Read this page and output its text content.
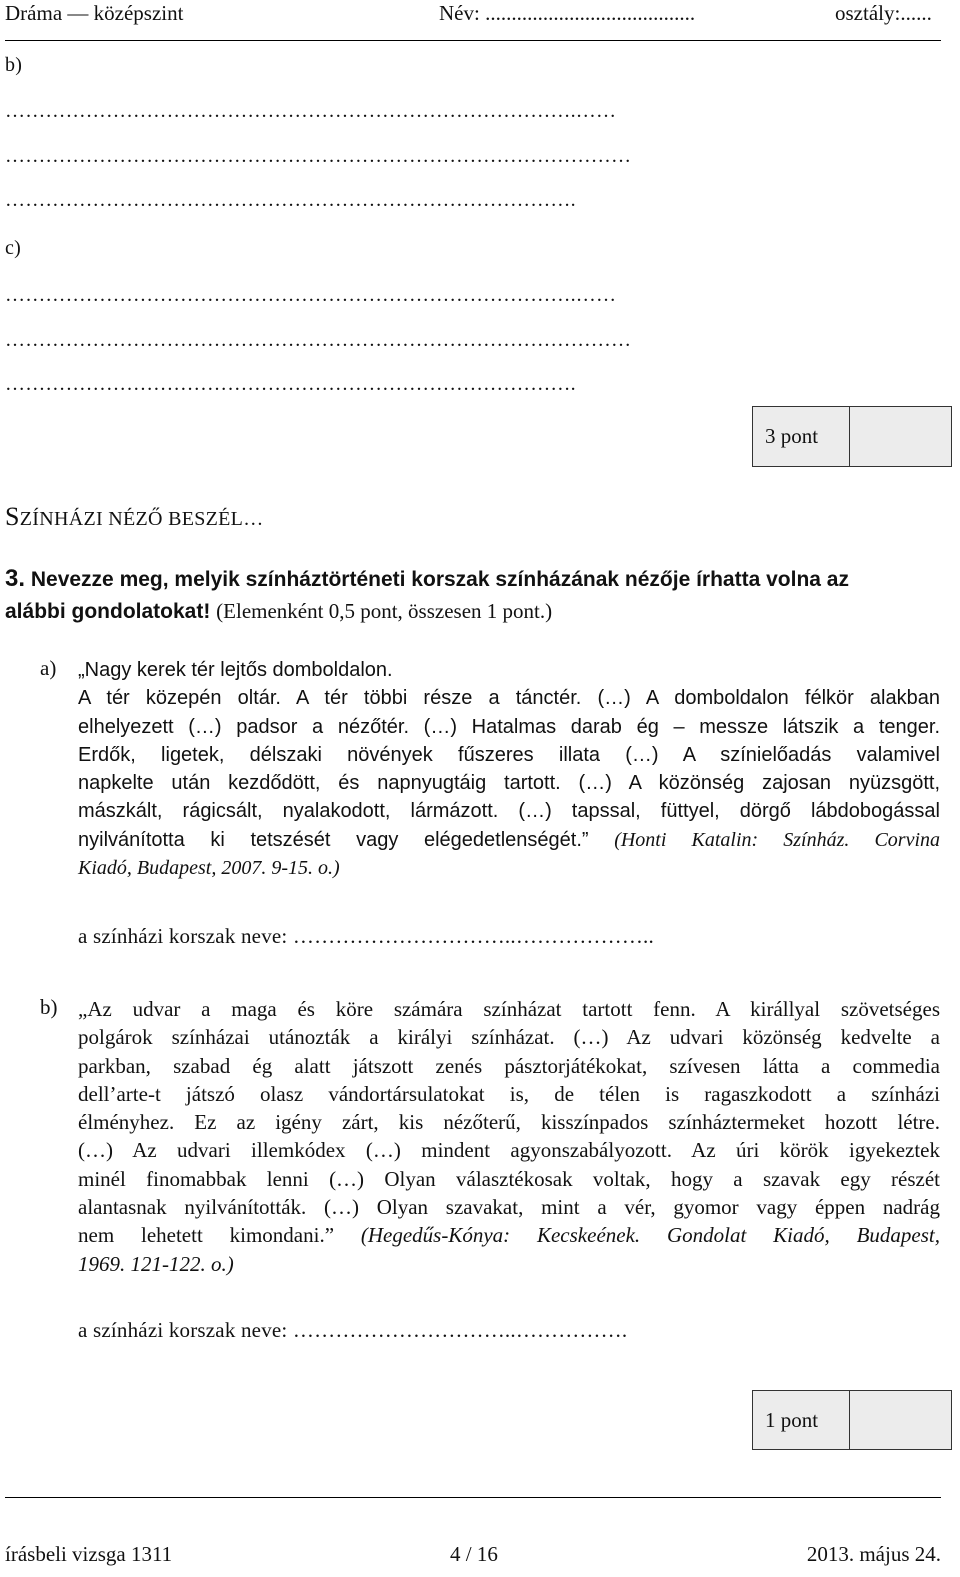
Dráma — középszint	Név: ........................................	osztály:......
b)
………………………………………………………………………….……
…………………………………………………………………………………
………………………………………………………………………….
c)
………………………………………………………………………….……
…………………………………………………………………………………
………………………………………………………………………….
3 pont
SZÍNHÁZI NÉZŐ BESZÉL…
3. Nevezze meg, melyik színháztörténeti korszak színházának nézője írhatta volna az
alábbi gondolatokat! (Elemenként 0,5 pont, összesen 1 pont.)
a) „Nagy kerek tér lejtős domboldalon.
A tér közepén oltár. A tér többi része a tánctér. (…) A domboldalon félkör alakban
elhelyezett (…) padsor a nézőtér. (…) Hatalmas darab ég – messze látszik a tenger.
Erdők, ligetek, délszaki növények fűszeres illata (…) A színielőadás valamivel
napkelte után kezdődött, és napnyugtáig tartott. (…) A közönség zajosan nyüzsgött,
mászkált, rágicsált, nyalakodott, lármázott. (…) tapssal, füttyel, dörgő lábdobogással
nyilvánította ki tetszését vagy elégedetlenségét.” (Honti Katalin: Színház. Corvina
Kiadó, Budapest, 2007. 9-15. o.)
a színházi korszak neve: …………………………..………………..
b) „Az udvar a maga és köre számára színházat tartott fenn. A királlyal szövetséges
polgárok színházai utánozták a királyi színházat. (…) Az udvari közönség kedvelte a
parkban, szabad ég alatt játszott zenés pásztorjátékokat, szívesen látta a commedia
dell’arte-t játszó olasz vándortársulatokat is, de télen is ragaszkodott a színházi
élményhez. Ez az igény zárt, kis nézőterű, kisszínpados színháztermeket hozott létre.
(…) Az udvari illemkódex (…) mindent agyonszabályozott. Az úri körök igyekeztek
minél finomabbak lenni (…) Olyan választékosak voltak, hogy a szavak egy részét
alantasnak nyilvánították. (…) Olyan szavakat, mint a vér, gyomor vagy éppen nadrág
nem lehetett kimondani.” (Hegedűs-Kónya: Kecskeének. Gondolat Kiadó, Budapest,
1969. 121-122. o.)
a színházi korszak neve: …………………………..…………….
1 pont
írásbeli vizsga 1311	4 / 16	2013. május 24.
